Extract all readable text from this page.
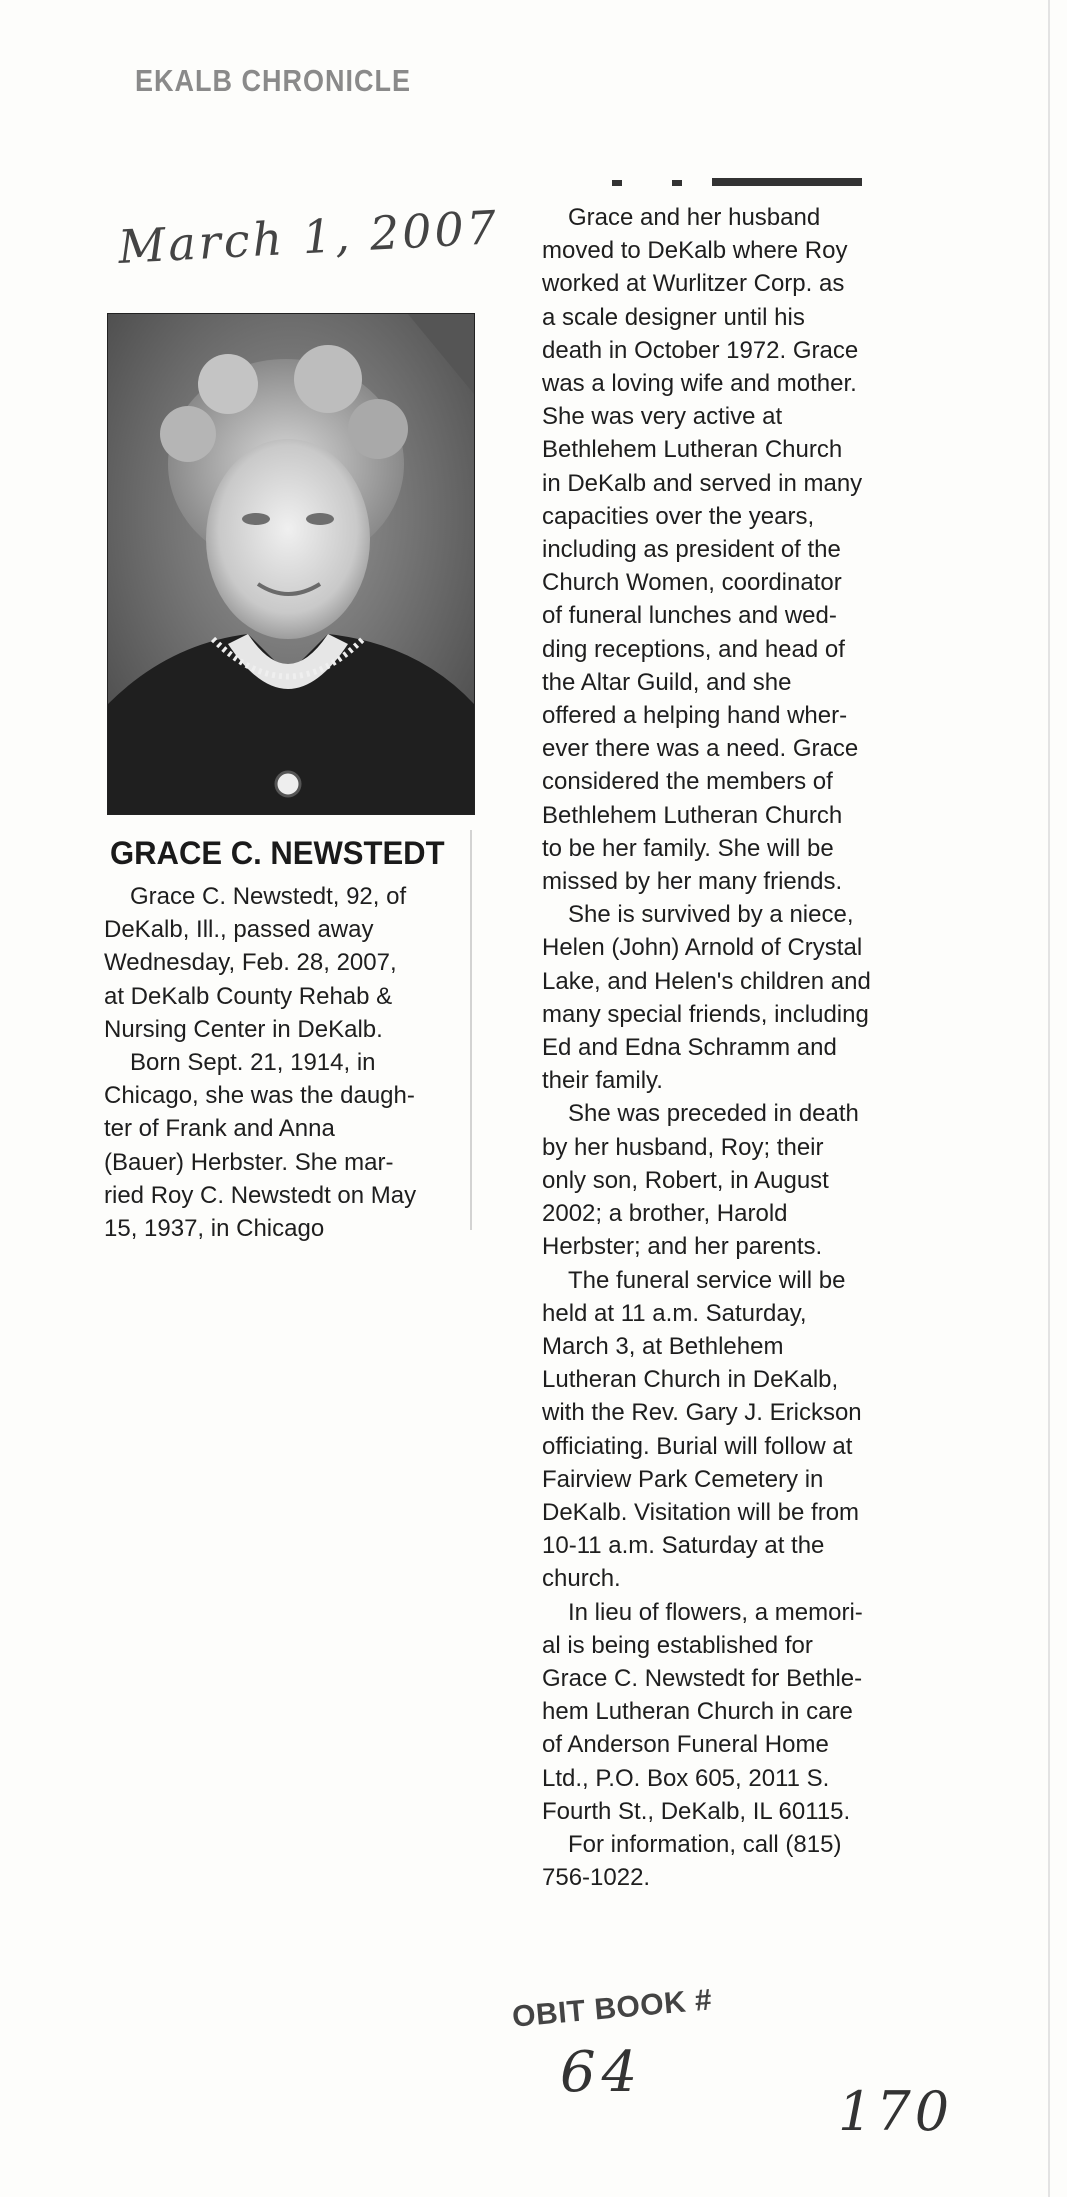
EKALB CHRONICLE
March 1, 2007
GRACE C. NEWSTEDT

Grace C. Newstedt, 92, of
DeKalb, Ill., passed away
Wednesday, Feb. 28, 2007,
at DeKalb County Rehab &
Nursing Center in DeKalb.

Born Sept. 21, 1914, in
Chicago, she was the daugh-
ter of Frank and Anna
(Bauer) Herbster. She mar-
ried Roy C. Newstedt on May
15, 1937, in Chicago

Grace and her husband
moved to DeKalb where Roy
worked at Wurlitzer Corp. as
a scale designer until his
death in October 1972. Grace
was a loving wife and mother.
She was very active at
Bethlehem Lutheran Church
in DeKalb and served in many
capacities over the years,
including as president of the
Church Women, coordinator
of funeral lunches and wed-
ding receptions, and head of
the Altar Guild, and she
offered a helping hand wher-
ever there was a need. Grace
considered the members of
Bethlehem Lutheran Church
to be her family. She will be
missed by her many friends.

She is survived by a niece,
Helen (John) Arnold of Crystal
Lake, and Helen's children and
many special friends, including
Ed and Edna Schramm and
their family.

She was preceded in death
by her husband, Roy; their
only son, Robert, in August
2002; a brother, Harold
Herbster; and her parents.

The funeral service will be
held at 11 a.m. Saturday,
March 3, at Bethlehem
Lutheran Church in DeKalb,
with the Rev. Gary J. Erickson
officiating. Burial will follow at
Fairview Park Cemetery in
DeKalb. Visitation will be from
10-11 a.m. Saturday at the
church.

In lieu of flowers, a memori-
al is being established for
Grace C. Newstedt for Bethle-
hem Lutheran Church in care
of Anderson Funeral Home
Ltd., P.O. Box 605, 2011 S.
Fourth St., DeKalb, IL 60115.

For information, call (815)
756-1022.

OBIT BOOK #
64
170
